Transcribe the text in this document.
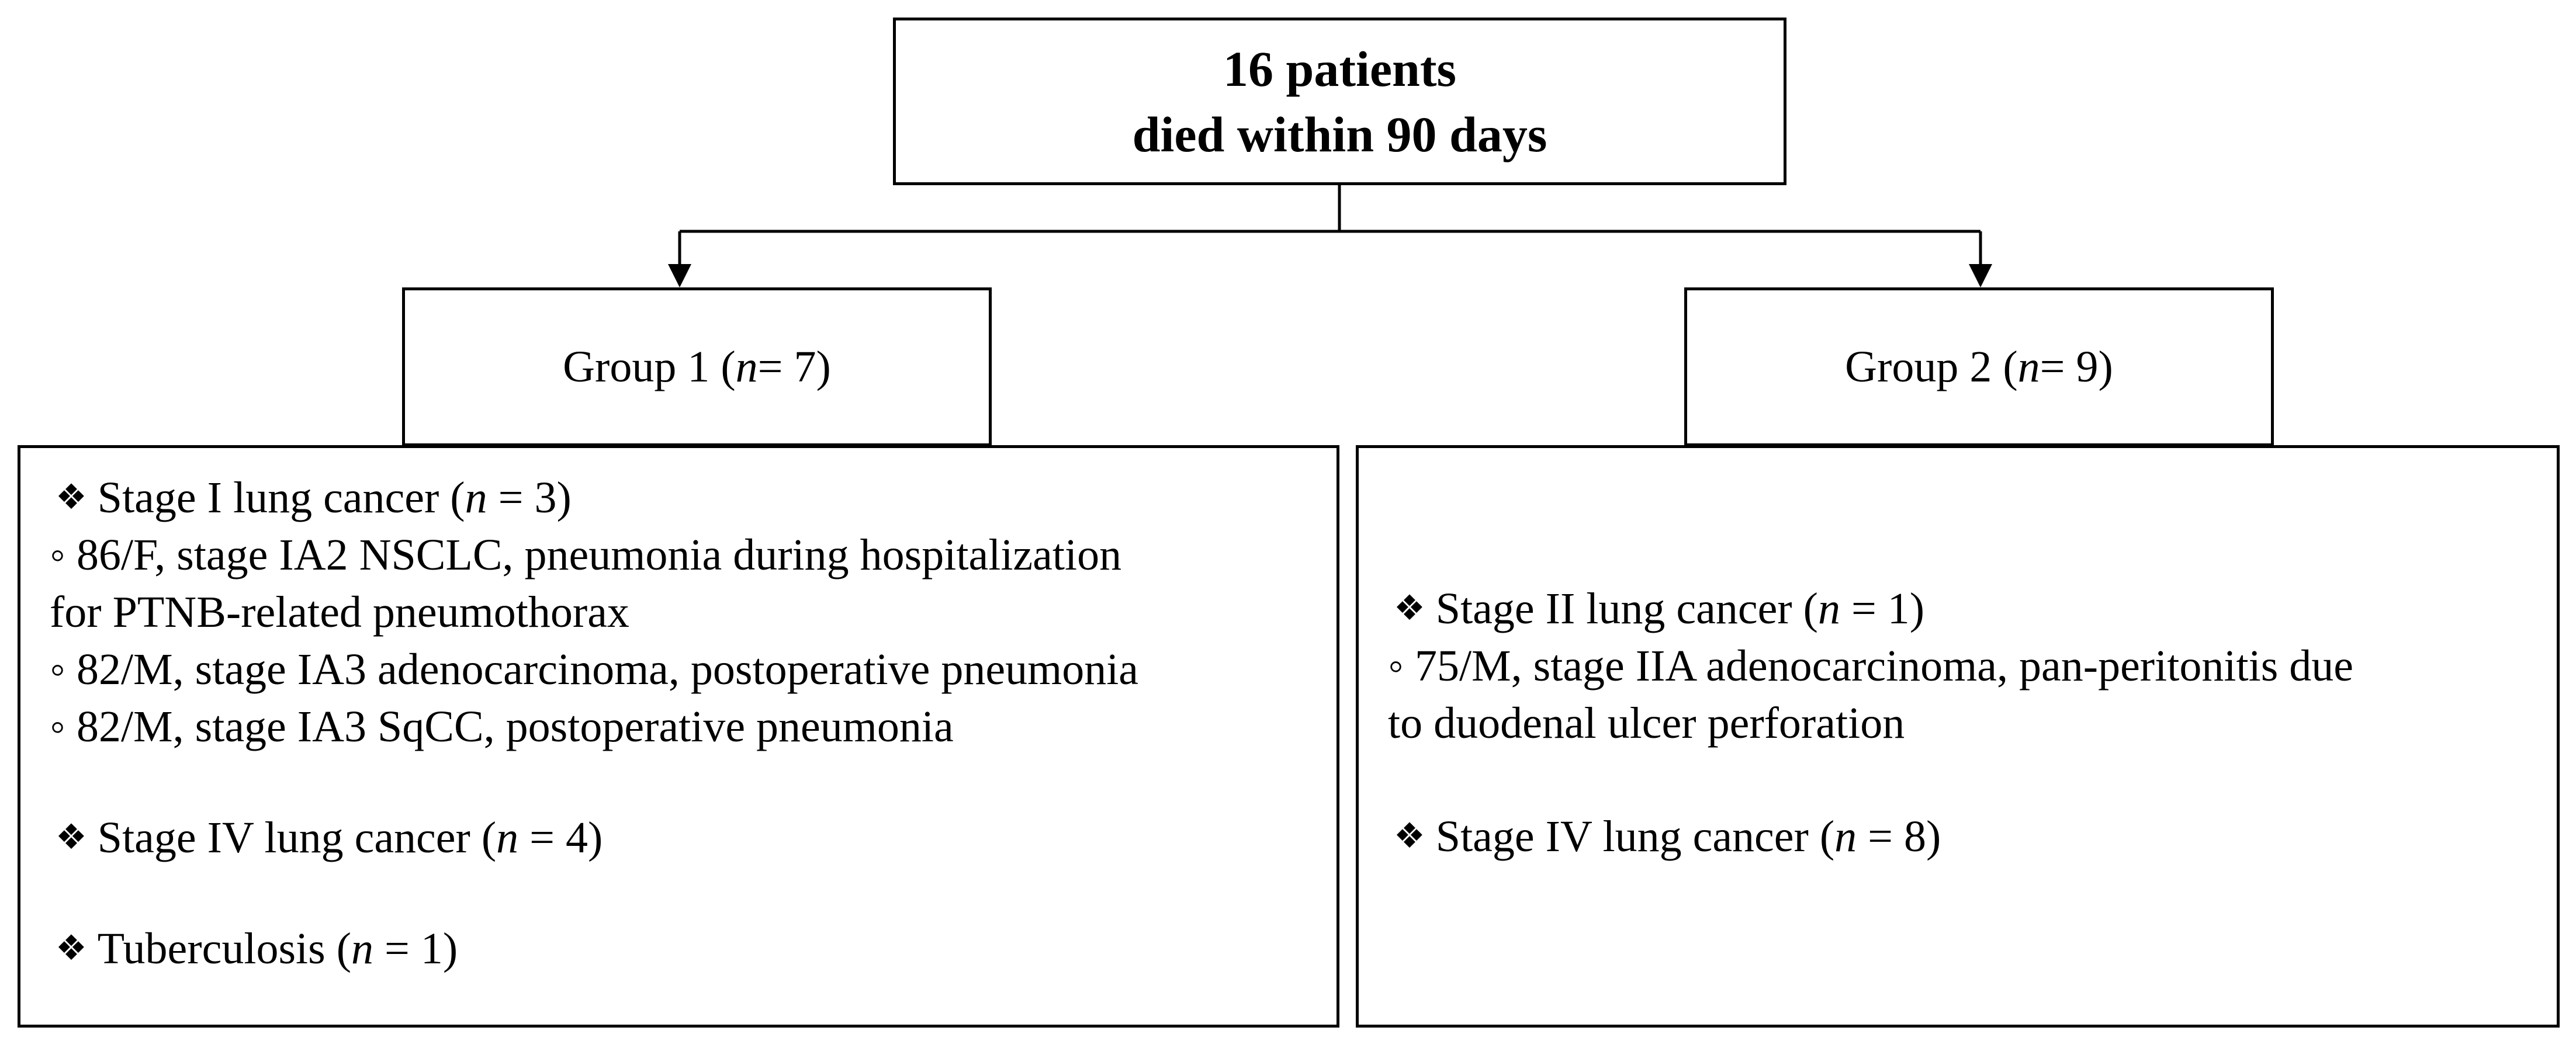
16 patients
died within 90 days
Group 1 ( n = 7)	Group 2 ( n = 9)
❖ Stage I lung cancer (n = 3)
◦ 86/F, stage IA2 NSCLC, pneumonia during hospitalization
for PTNB-related pneumothorax
◦ 82/M, stage IA3 adenocarcinoma, postoperative pneumonia
◦ 82/M, stage IA3 SqCC, postoperative pneumonia
❖ Stage IV lung cancer (n = 4)
❖ Tuberculosis (n = 1)
❖ Stage II lung cancer (n = 1)
◦ 75/M, stage IIA adenocarcinoma, pan-peritonitis due
to duodenal ulcer perforation
❖ Stage IV lung cancer (n = 8)
